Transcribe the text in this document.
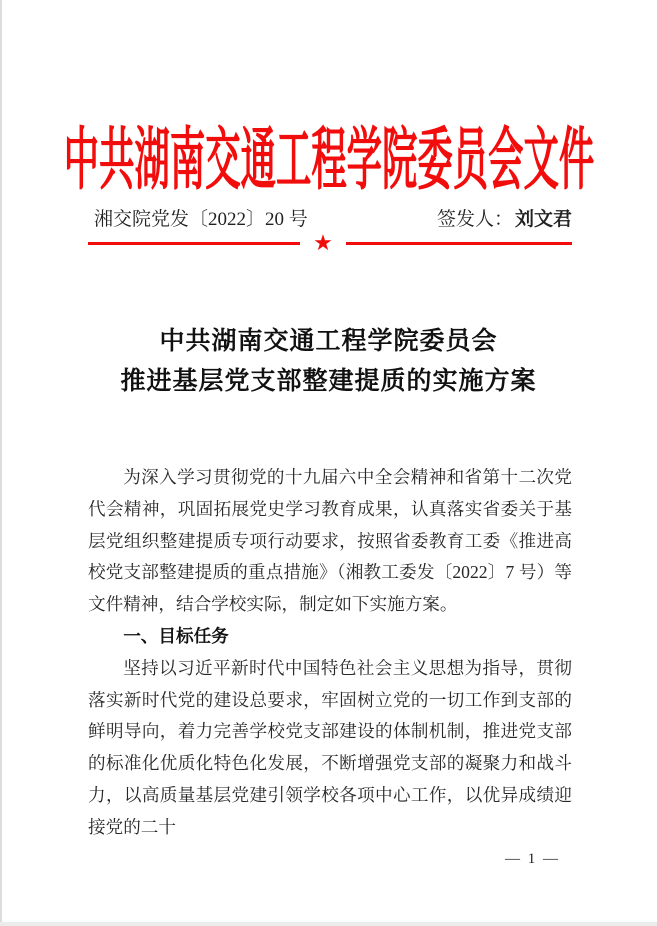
中共湖南交通工程学院委员会文件
湘交院党发〔2022〕20 号	签发人： 刘文君
★
中共湖南交通工程学院委员会
推进基层党支部整建提质的实施方案

为深入学习贯彻党的十九届六中全会精神和省第十二次党代会精神，巩固拓展党史学习教育成果，认真落实省委关于基层党组织整建提质专项行动要求，按照省委教育工委《推进高校党支部整建提质的重点措施》（湘教工委发〔2022〕7 号）等文件精神，结合学校实际，制定如下实施方案。

一、目标任务

坚持以习近平新时代中国特色社会主义思想为指导，贯彻落实新时代党的建设总要求，牢固树立党的一切工作到支部的鲜明导向，着力完善学校党支部建设的体制机制，推进党支部的标准化优质化特色化发展，不断增强党支部的凝聚力和战斗力，以高质量基层党建引领学校各项中心工作，以优异成绩迎接党的二十

— 1 —
